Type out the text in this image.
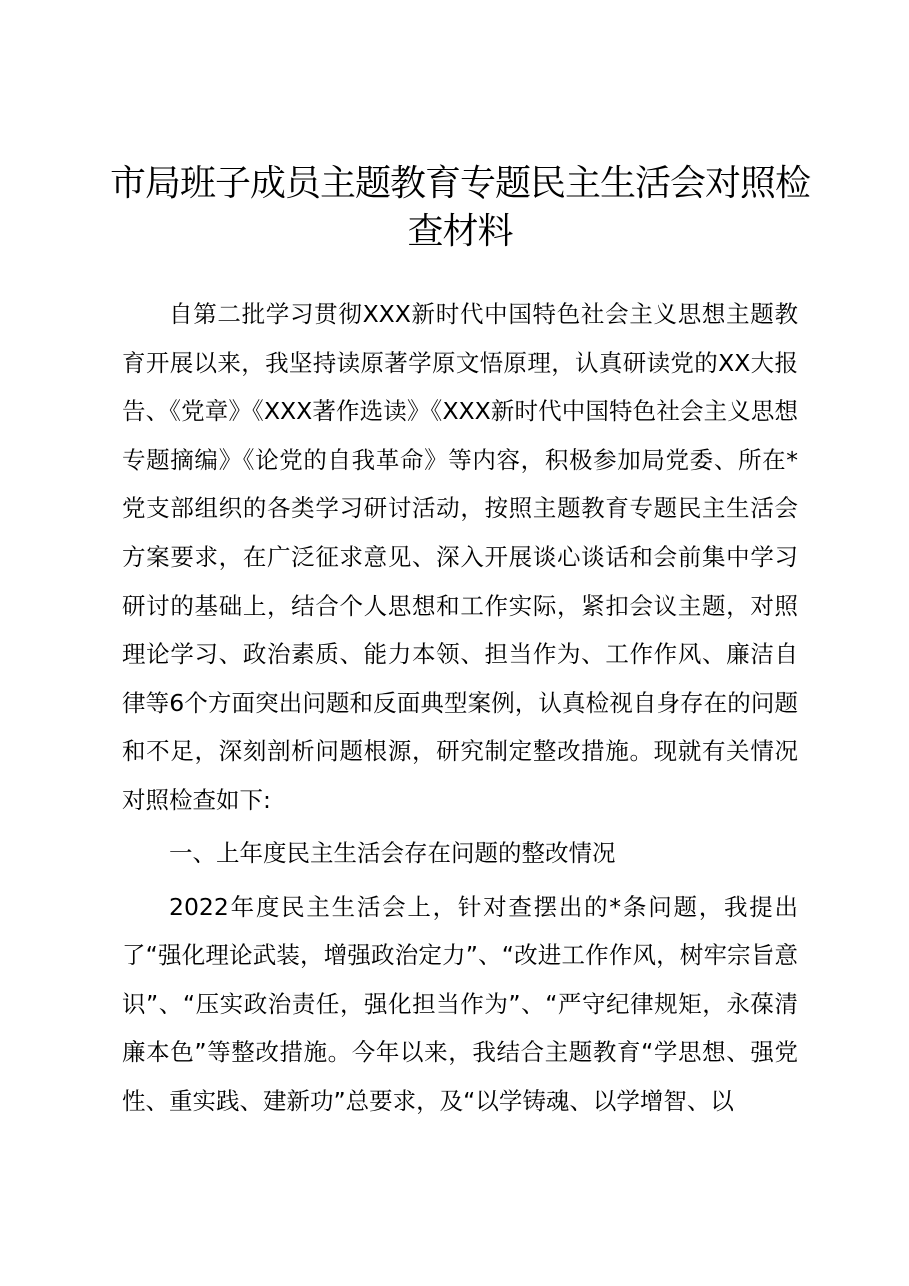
市局班子成员主题教育专题民主生活会对照检查材料

自第二批学习贯彻XXX新时代中国特色社会主义思想主题教育开展以来，我坚持读原著学原文悟原理，认真研读党的XX大报告、《党章》《XXX著作选读》《XXX新时代中国特色社会主义思想专题摘编》《论党的自我革命》等内容，积极参加局党委、所在*党支部组织的各类学习研讨活动，按照主题教育专题民主生活会方案要求，在广泛征求意见、深入开展谈心谈话和会前集中学习研讨的基础上，结合个人思想和工作实际，紧扣会议主题，对照理论学习、政治素质、能力本领、担当作为、工作作风、廉洁自律等6个方面突出问题和反面典型案例，认真检视自身存在的问题和不足，深刻剖析问题根源，研究制定整改措施。现就有关情况对照检查如下:

一、上年度民主生活会存在问题的整改情况

2022年度民主生活会上，针对查摆出的*条问题，我提出了“强化理论武装，增强政治定力”、“改进工作作风，树牢宗旨意识”、“压实政治责任，强化担当作为”、“严守纪律规矩，永葆清廉本色”等整改措施。今年以来，我结合主题教育“学思想、强党性、重实践、建新功”总要求，及“以学铸魂、以学增智、以
